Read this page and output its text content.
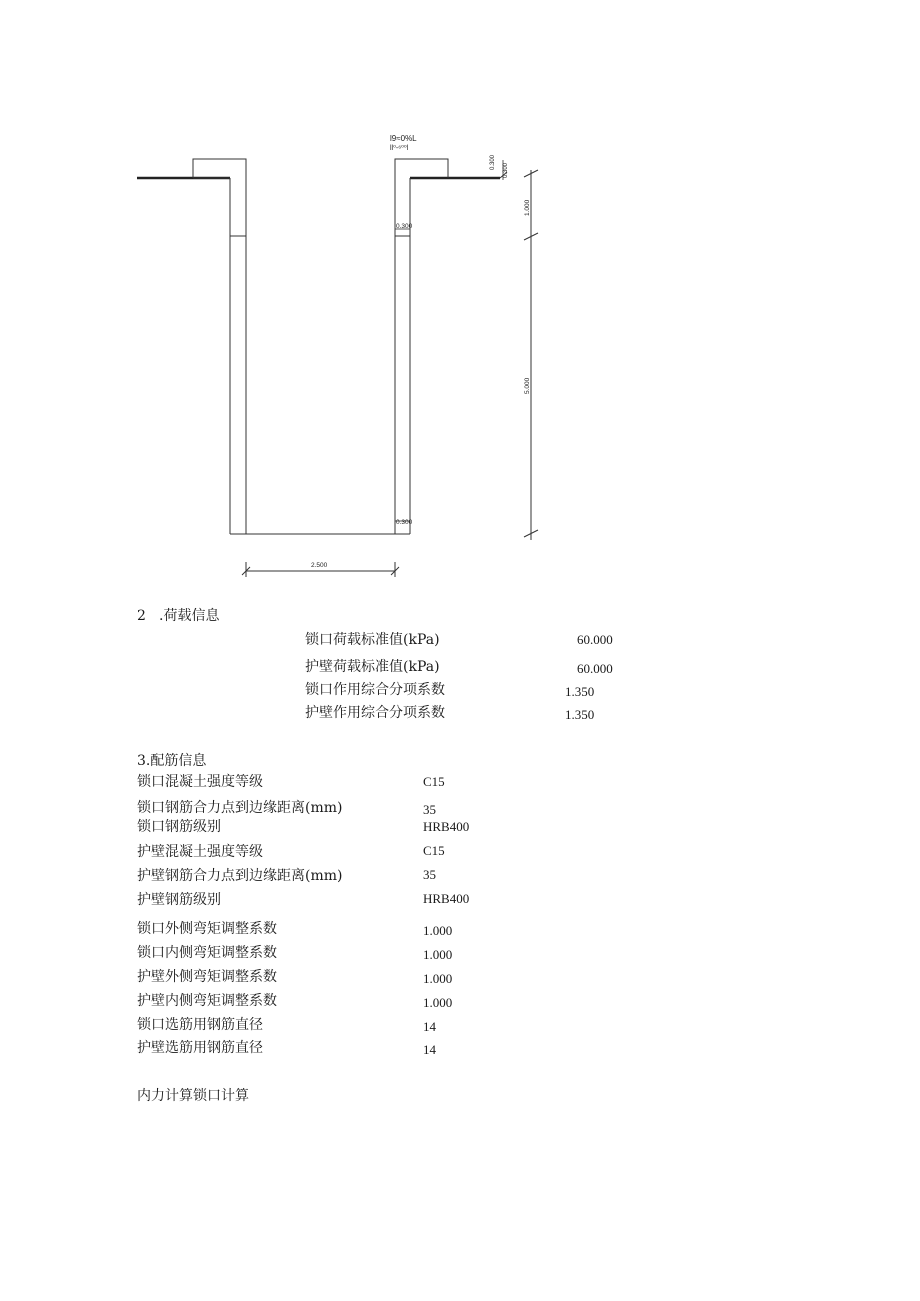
l9≈0%L
ll⁰-⁶⁰⁰l
0.300
0.300
0.300
0.300
1.000
5.000
2.500
2 .荷载信息
锁口荷载标准值(kPa)	60.000
护壁荷载标准值(kPa)	60.000
锁口作用综合分项系数	1.350
护壁作用综合分项系数	1.350
3.配筋信息
锁口混凝土强度等级	C15
锁口钢筋合力点到边缘距离(mm)	35
锁口钢筋级别	HRB400
护壁混凝土强度等级	C15
护壁钢筋合力点到边缘距离(mm)	35
护壁钢筋级别	HRB400
锁口外侧弯矩调整系数	1.000
锁口内侧弯矩调整系数	1.000
护壁外侧弯矩调整系数	1.000
护壁内侧弯矩调整系数	1.000
锁口选筋用钢筋直径	14
护壁选筋用钢筋直径	14
内力计算锁口计算
